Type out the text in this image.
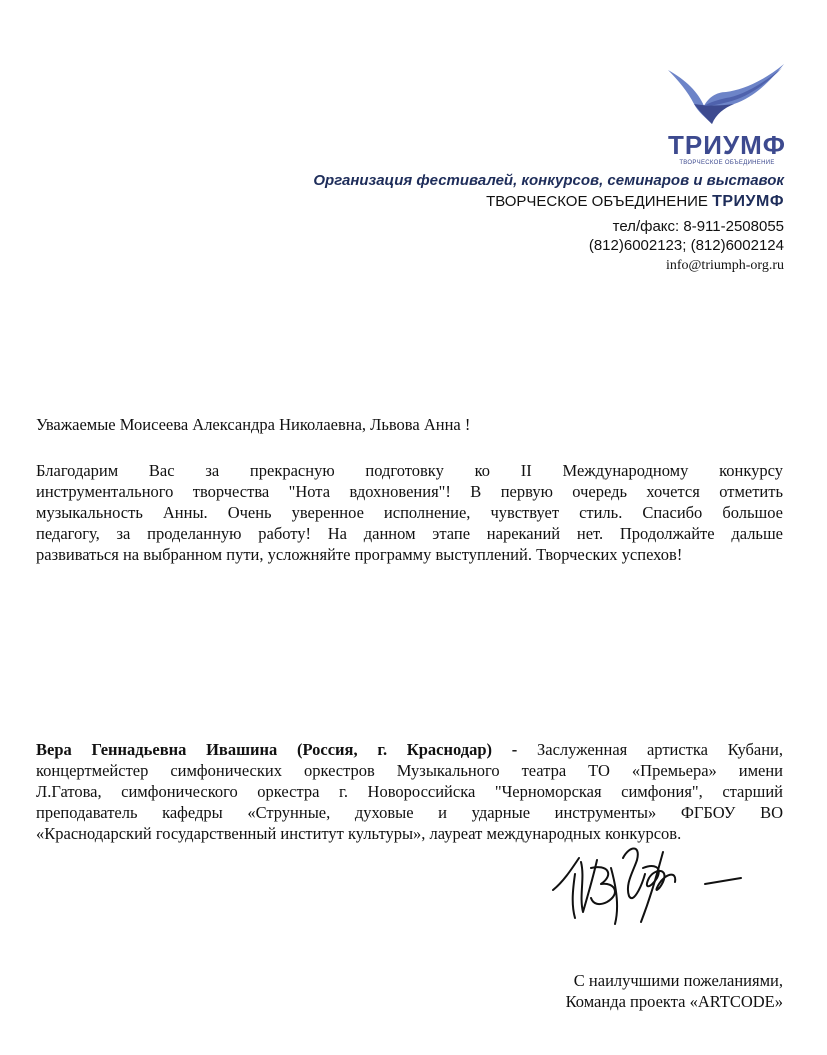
ТРИУМФ
ТВОРЧЕСКОЕ ОБЪЕДИНЕНИЕ
Организация фестивалей, конкурсов, семинаров и выставок
ТВОРЧЕСКОЕ ОБЪЕДИНЕНИЕ ТРИУМФ
тел/факс: 8-911-2508055
(812)6002123; (812)6002124
info@triumph-org.ru
Уважаемые Моисеева Александра Николаевна, Львова Анна !
Благодарим Вас за прекрасную подготовку ко II Международному конкурсу
инструментального творчества "Нота вдохновения"! В первую очередь хочется отметить
музыкальность Анны. Очень уверенное исполнение, чувствует стиль. Спасибо большое
педагогу, за проделанную работу! На данном этапе нареканий нет. Продолжайте дальше
развиваться на выбранном пути, усложняйте программу выступлений. Творческих успехов!
Вера Геннадьевна Ивашина (Россия, г. Краснодар) - Заслуженная артистка Кубани,
концертмейстер симфонических оркестров Музыкального театра ТО «Премьера» имени
Л.Гатова, симфонического оркестра г. Новороссийска "Черноморская симфония", старший
преподаватель кафедры «Струнные, духовые и ударные инструменты» ФГБОУ ВО
«Краснодарский государственный институт культуры», лауреат международных конкурсов.
С наилучшими пожеланиями,
Команда проекта «ARTCODE»
